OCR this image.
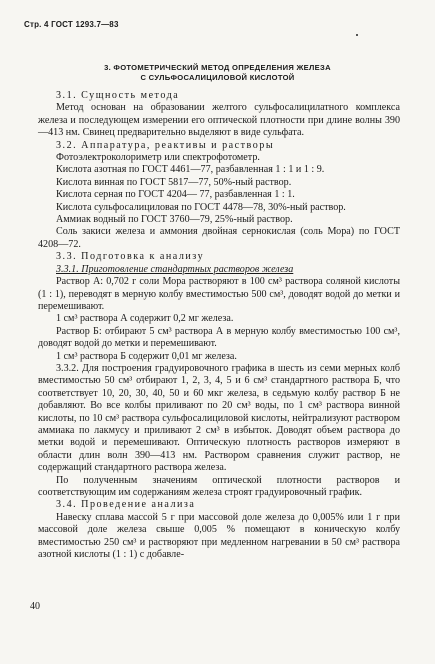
Стр. 4 ГОСТ 1293.7—83
3. ФОТОМЕТРИЧЕСКИЙ МЕТОД ОПРЕДЕЛЕНИЯ ЖЕЛЕЗА
С СУЛЬФОСАЛИЦИЛОВОЙ КИСЛОТОЙ

3.1. Сущность метода

Метод основан на образовании желтого сульфосалицилатного комплекса железа и последующем измерении его оптической плотности при длине волны 390—413 нм. Свинец предварительно выделяют в виде сульфата.

3.2. Аппаратура, реактивы и растворы

Фотоэлектроколориметр или спектрофотометр.

Кислота азотная по ГОСТ 4461—77, разбавленная 1 : 1 и 1 : 9.

Кислота винная по ГОСТ 5817—77, 50%-ный раствор.

Кислота серная по ГОСТ 4204— 77, разбавленная 1 : 1.

Кислота сульфосалициловая по ГОСТ 4478—78, 30%-ный раствор.

Аммиак водный по ГОСТ 3760—79, 25%-ный раствор.

Соль закиси железа и аммония двойная сернокислая (соль Мора) по ГОСТ 4208—72.

3.3. Подготовка к анализу

3.3.1. Приготовление стандартных растворов железа

Раствор А: 0,702 г соли Мора растворяют в 100 см³ раствора соляной кислоты (1 : 1), переводят в мерную колбу вместимостью 500 см³, доводят водой до метки и перемешивают.

1 см³ раствора А содержит 0,2 мг железа.

Раствор Б: отбирают 5 см³ раствора А в мерную колбу вместимостью 100 см³, доводят водой до метки и перемешивают.

1 см³ раствора Б содержит 0,01 мг железа.

3.3.2. Для построения градуировочного графика в шесть из семи мерных колб вместимостью 50 см³ отбирают 1, 2, 3, 4, 5 и 6 см³ стандартного раствора Б, что соответствует 10, 20, 30, 40, 50 и 60 мкг железа, в седьмую колбу раствор Б не добавляют. Во все колбы приливают по 20 см³ воды, по 1 см³ раствора винной кислоты, по 10 см³ раствора сульфосалициловой кислоты, нейтрализуют раствором аммиака по лакмусу и приливают 2 см³ в избыток. Доводят объем раствора до метки водой и перемешивают. Оптическую плотность растворов измеряют в области длин волн 390—413 нм. Раствором сравнения служит раствор, не содержащий стандартного раствора железа.

По полученным значениям оптической плотности растворов и соответствующим им содержаниям железа строят градуировочный график.

3.4. Проведение анализа

Навеску сплава массой 5 г при массовой доле железа до 0,005% или 1 г при массовой доле железа свыше 0,005 % помещают в коническую колбу вместимостью 250 см³ и растворяют при медленном нагревании в 50 см³ раствора азотной кислоты (1 : 1) с добавле-

40
